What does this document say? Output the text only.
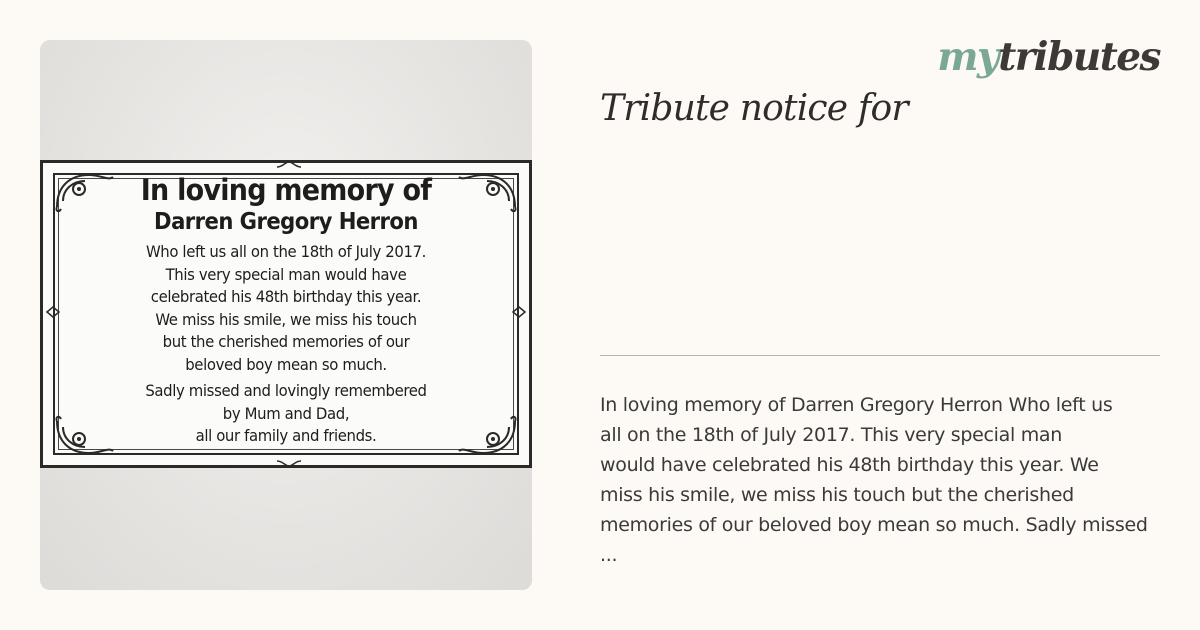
In loving memory of
Darren Gregory Herron
Who left us all on the 18th of July 2017.
This very special man would have
celebrated his 48th birthday this year.
We miss his smile, we miss his touch
but the cherished memories of our
beloved boy mean so much.
Sadly missed and lovingly remembered
by Mum and Dad,
all our family and friends.
mytributes
Tribute notice for
In loving memory of Darren Gregory Herron Who left us
all on the 18th of July 2017. This very special man
would have celebrated his 48th birthday this year. We
miss his smile, we miss his touch but the cherished
memories of our beloved boy mean so much. Sadly missed
...
